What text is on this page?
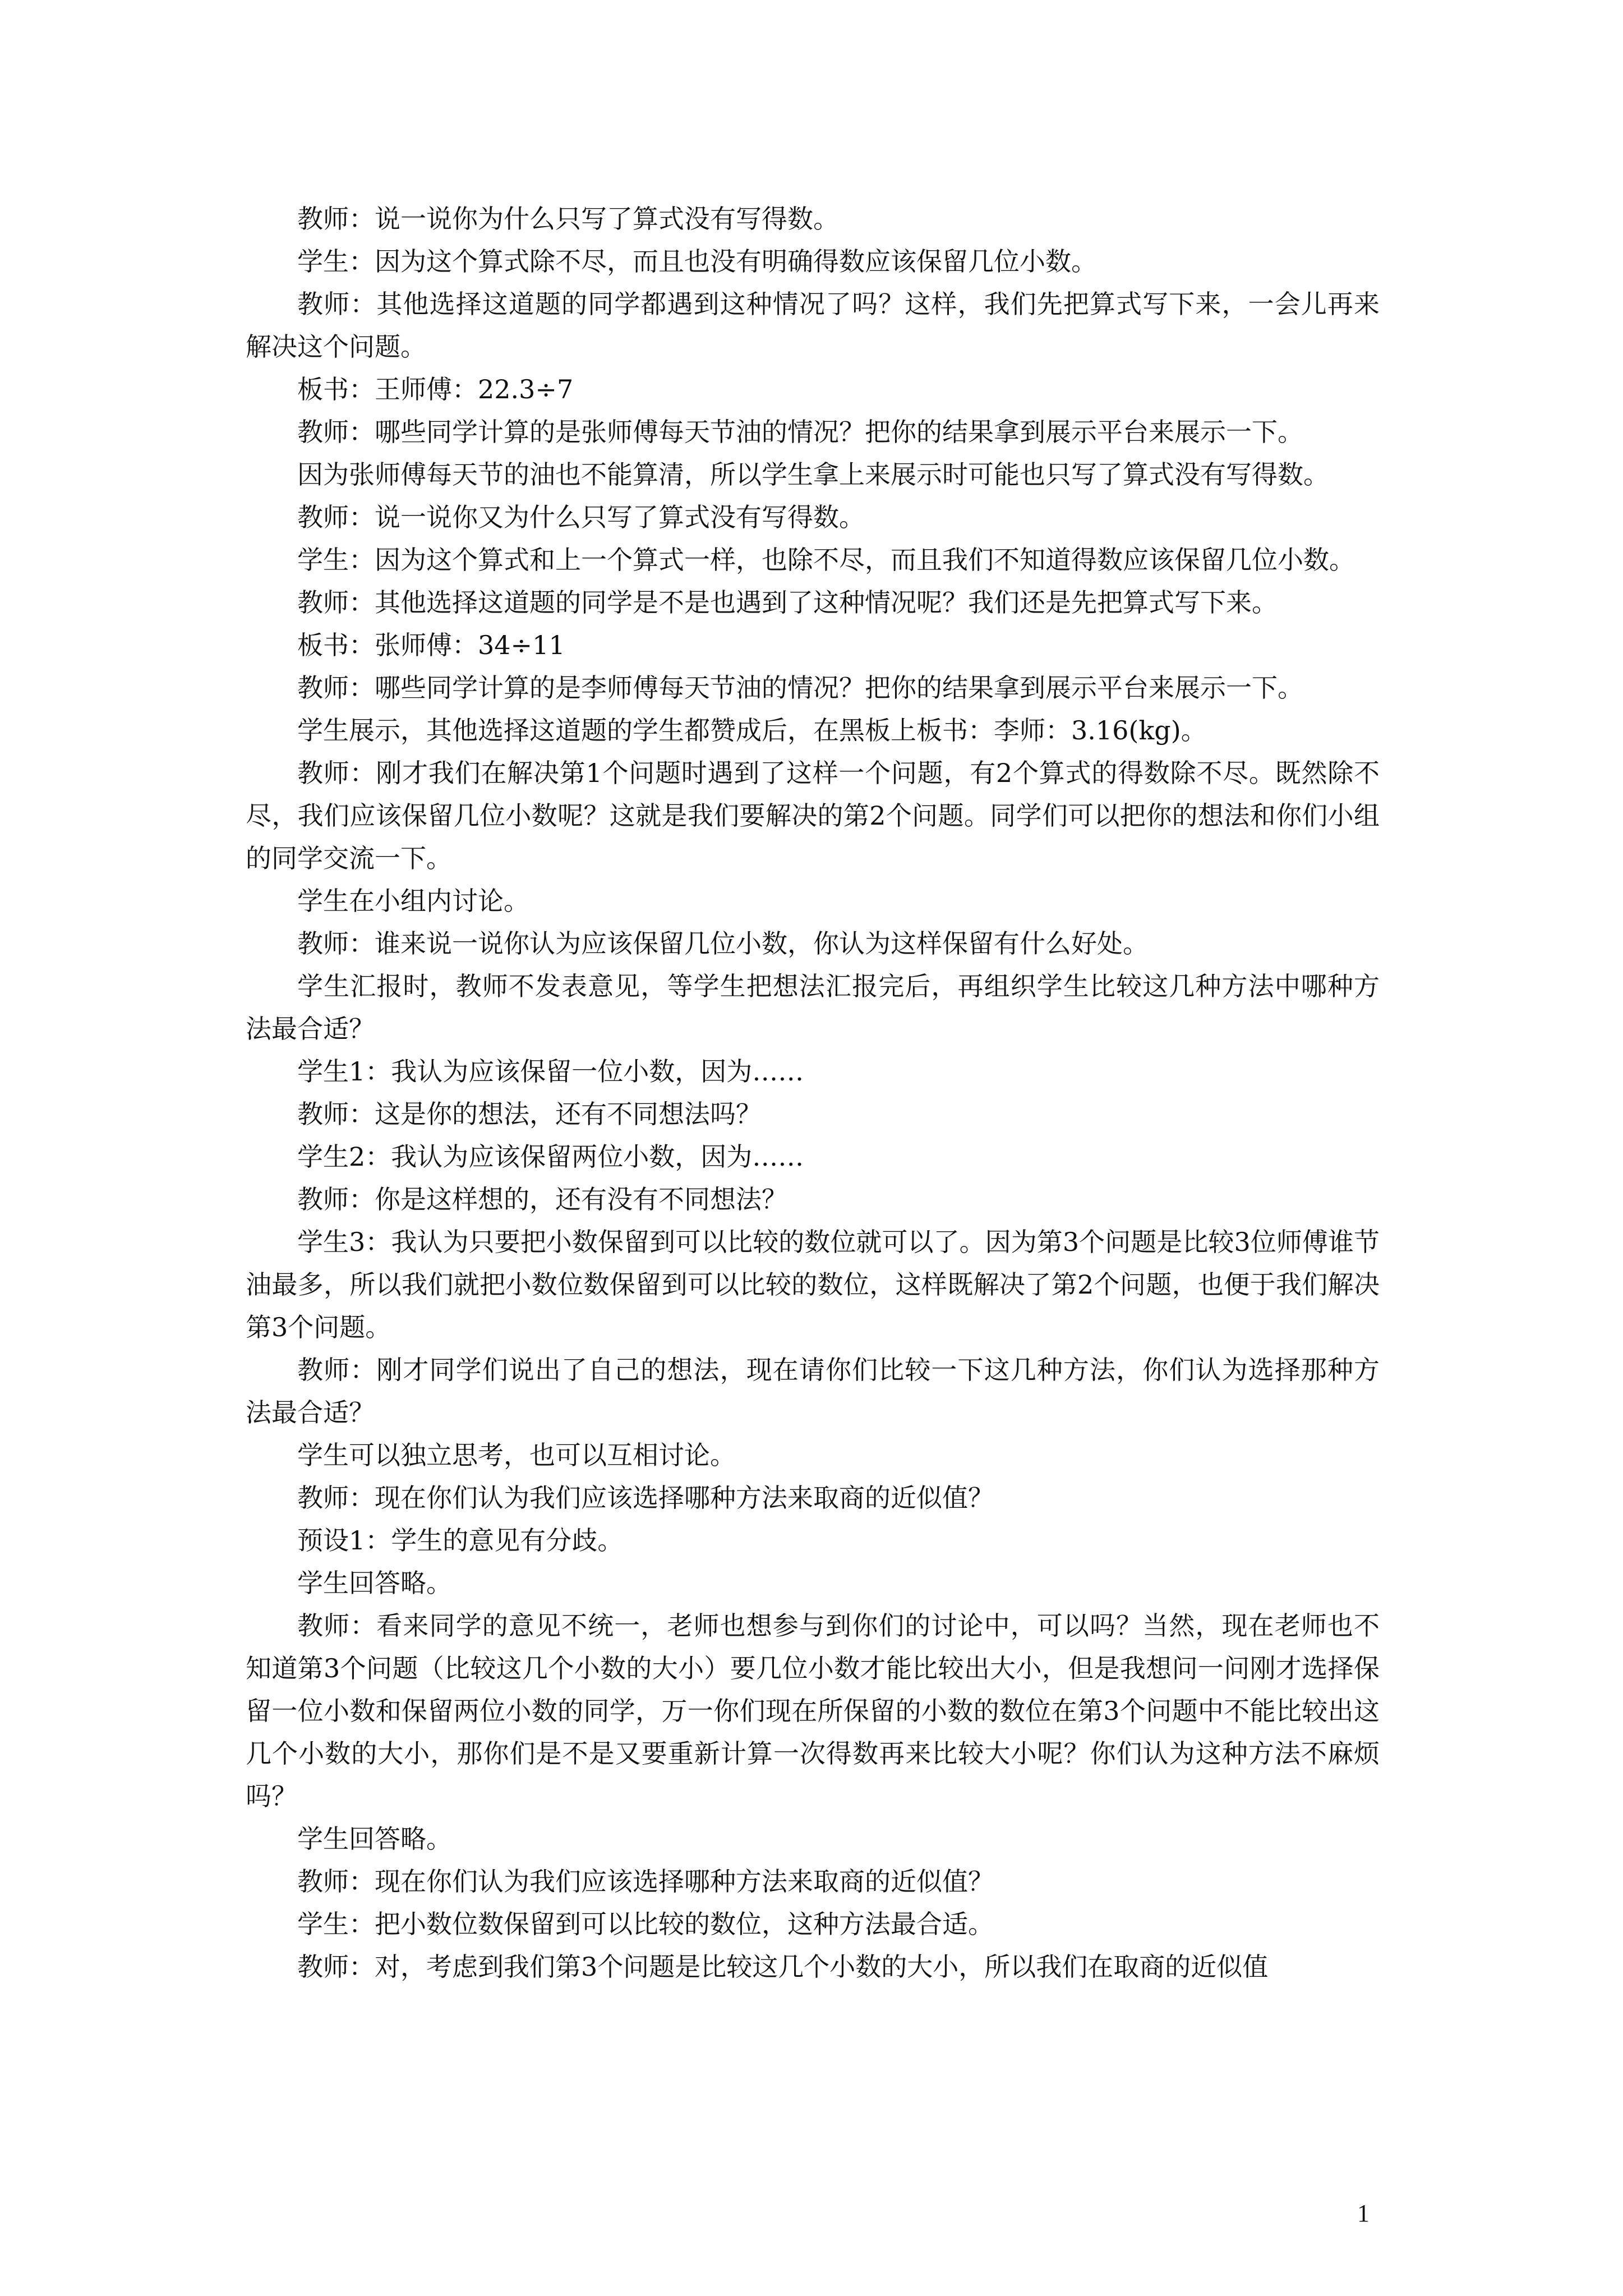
教师：说一说你为什么只写了算式没有写得数。

学生：因为这个算式除不尽，而且也没有明确得数应该保留几位小数。

教师：其他选择这道题的同学都遇到这种情况了吗？这样，我们先把算式写下来，一会儿再来解决这个问题。

板书：王师傅：22.3÷7

教师：哪些同学计算的是张师傅每天节油的情况？把你的结果拿到展示平台来展示一下。

因为张师傅每天节的油也不能算清，所以学生拿上来展示时可能也只写了算式没有写得数。

教师：说一说你又为什么只写了算式没有写得数。

学生：因为这个算式和上一个算式一样，也除不尽，而且我们不知道得数应该保留几位小数。

教师：其他选择这道题的同学是不是也遇到了这种情况呢？我们还是先把算式写下来。

板书：张师傅：34÷11

教师：哪些同学计算的是李师傅每天节油的情况？把你的结果拿到展示平台来展示一下。

学生展示，其他选择这道题的学生都赞成后，在黑板上板书：李师：3.16(kg)。

教师：刚才我们在解决第1个问题时遇到了这样一个问题，有2个算式的得数除不尽。既然除不尽，我们应该保留几位小数呢？这就是我们要解决的第2个问题。同学们可以把你的想法和你们小组的同学交流一下。

学生在小组内讨论。

教师：谁来说一说你认为应该保留几位小数，你认为这样保留有什么好处。

学生汇报时，教师不发表意见，等学生把想法汇报完后，再组织学生比较这几种方法中哪种方法最合适？

学生1：我认为应该保留一位小数，因为……

教师：这是你的想法，还有不同想法吗？

学生2：我认为应该保留两位小数，因为……

教师：你是这样想的，还有没有不同想法？

学生3：我认为只要把小数保留到可以比较的数位就可以了。因为第3个问题是比较3位师傅谁节油最多，所以我们就把小数位数保留到可以比较的数位，这样既解决了第2个问题，也便于我们解决第3个问题。

教师：刚才同学们说出了自己的想法，现在请你们比较一下这几种方法，你们认为选择那种方法最合适？

学生可以独立思考，也可以互相讨论。

教师：现在你们认为我们应该选择哪种方法来取商的近似值？

预设1：学生的意见有分歧。

学生回答略。

教师：看来同学的意见不统一，老师也想参与到你们的讨论中，可以吗？当然，现在老师也不知道第3个问题（比较这几个小数的大小）要几位小数才能比较出大小，但是我想问一问刚才选择保留一位小数和保留两位小数的同学，万一你们现在所保留的小数的数位在第3个问题中不能比较出这几个小数的大小，那你们是不是又要重新计算一次得数再来比较大小呢？你们认为这种方法不麻烦吗？

学生回答略。

教师：现在你们认为我们应该选择哪种方法来取商的近似值？

学生：把小数位数保留到可以比较的数位，这种方法最合适。

教师：对，考虑到我们第3个问题是比较这几个小数的大小，所以我们在取商的近似值

1
